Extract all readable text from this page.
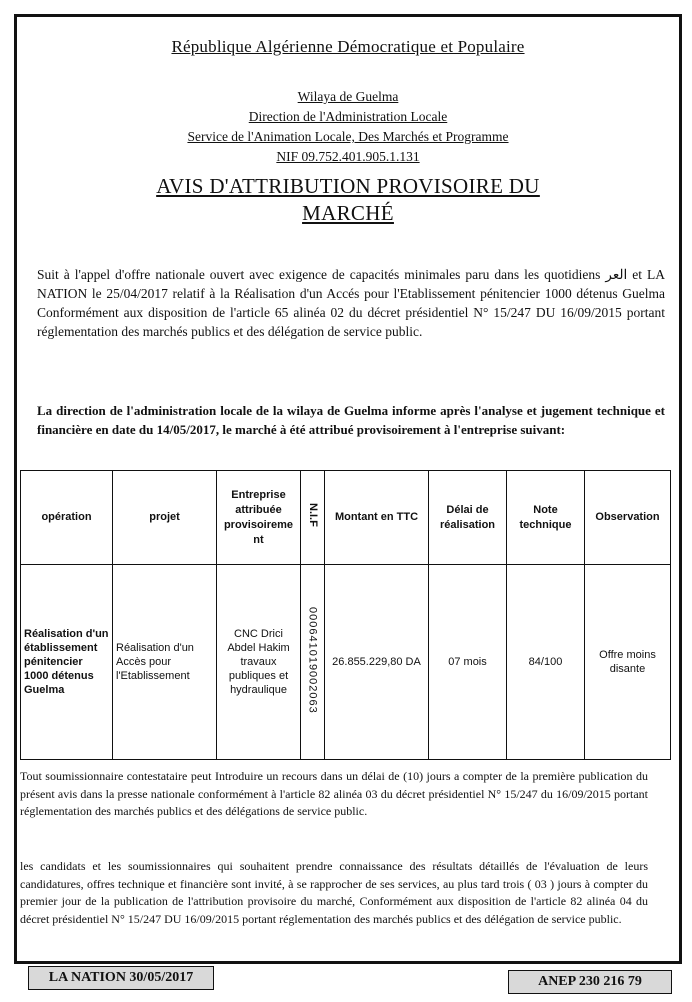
République Algérienne Démocratique et Populaire
Wilaya de Guelma
Direction de l'Administration Locale
Service de l'Animation Locale, Des Marchés et Programme
NIF 09.752.401.905.1.131
AVIS D'ATTRIBUTION PROVISOIRE DU
MARCHÉ

Suit à l'appel d'offre nationale ouvert avec exigence de capacités minimales paru dans les quotidiens العر et LA NATION le 25/04/2017 relatif à la Réalisation d'un Accés pour l'Etablissement pénitencier 1000 détenus Guelma Conformément aux disposition de l'article 65 alinéa 02 du décret présidentiel N° 15/247 DU 16/09/2015 portant réglementation des marchés publics et des délégation de service public.

La direction de l'administration locale de la wilaya de Guelma informe après l'analyse et jugement technique et financière en date du 14/05/2017, le marché à été attribué provisoirement à l'entreprise suivant:

opération	projet	Entreprise attribuée provisoireme nt	N.I.F	Montant en TTC	Délai de réalisation	Note technique	Observation
Réalisation d'un établissement pénitencier 1000 détenus Guelma	Réalisation d'un Accès pour l'Etablissement	CNC Drici Abdel Hakim travaux publiques et hydraulique	000641019002063	26.855.229,80 DA	07 mois	84/100	Offre moins disante

Tout soumissionnaire contestataire peut Introduire un recours dans un délai de (10) jours a compter de la première publication du présent avis dans la presse nationale conformément à l'article 82 alinéa 03 du décret présidentiel N° 15/247 du 16/09/2015 portant réglementation des marchés publics et des délégations de service public.

les candidats et les soumissionnaires qui souhaitent prendre connaissance des résultats détaillés de l'évaluation de leurs candidatures, offres technique et financière sont invité, à se rapprocher de ses services, au plus tard trois ( 03 ) jours à compter du premier jour de la publication de l'attribution provisoire du marché, Conformément aux disposition de l'article 82 alinéa 04 du décret présidentiel N° 15/247 DU 16/09/2015 portant réglementation des marchés publics et des délégation de service public.

LA NATION 30/05/2017	ANEP 230 216 79
